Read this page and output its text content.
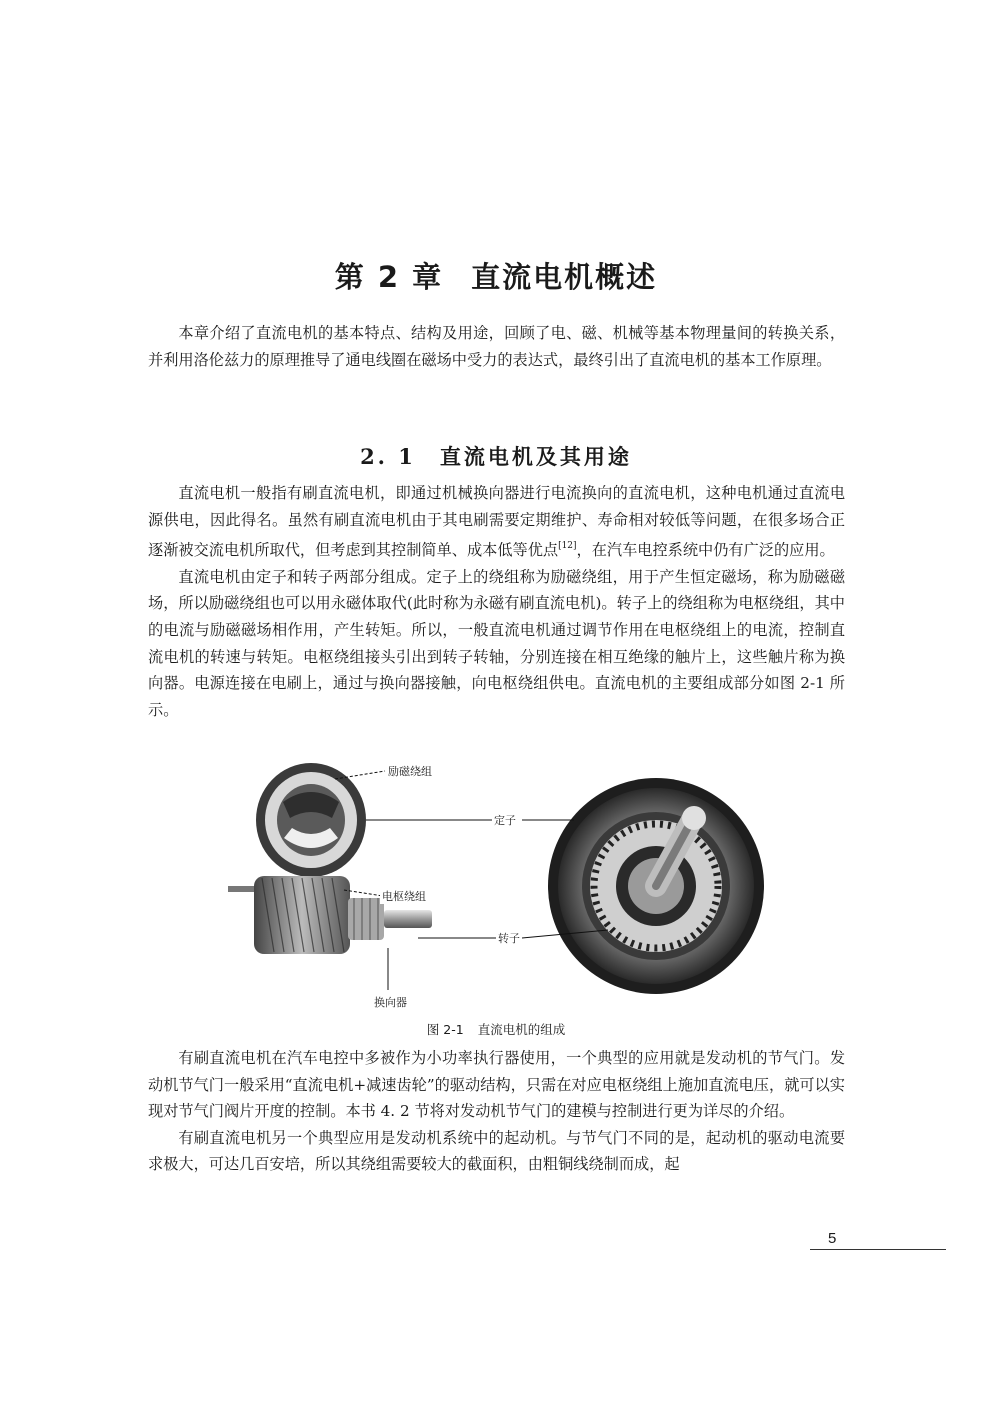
第 2 章 直流电机概述

本章介绍了直流电机的基本特点、结构及用途，回顾了电、磁、机械等基本物理量间的转换关系，并利用洛伦兹力的原理推导了通电线圈在磁场中受力的表达式，最终引出了直流电机的基本工作原理。

2. 1 直流电机及其用途

直流电机一般指有刷直流电机，即通过机械换向器进行电流换向的直流电机，这种电机通过直流电源供电，因此得名。虽然有刷直流电机由于其电刷需要定期维护、寿命相对较低等问题，在很多场合正逐渐被交流电机所取代，但考虑到其控制简单、成本低等优点[12]，在汽车电控系统中仍有广泛的应用。

直流电机由定子和转子两部分组成。定子上的绕组称为励磁绕组，用于产生恒定磁场，称为励磁磁场，所以励磁绕组也可以用永磁体取代(此时称为永磁有刷直流电机)。转子上的绕组称为电枢绕组，其中的电流与励磁磁场相作用，产生转矩。所以，一般直流电机通过调节作用在电枢绕组上的电流，控制直流电机的转速与转矩。电枢绕组接头引出到转子转轴，分别连接在相互绝缘的触片上，这些触片称为换向器。电源连接在电刷上，通过与换向器接触，向电枢绕组供电。直流电机的主要组成部分如图 2-1 所示。

励磁绕组
定子
电枢绕组
转子
换向器
图 2-1 直流电机的组成

有刷直流电机在汽车电控中多被作为小功率执行器使用，一个典型的应用就是发动机的节气门。发动机节气门一般采用“直流电机+减速齿轮”的驱动结构，只需在对应电枢绕组上施加直流电压，就可以实现对节气门阀片开度的控制。本书 4. 2 节将对发动机节气门的建模与控制进行更为详尽的介绍。

有刷直流电机另一个典型应用是发动机系统中的起动机。与节气门不同的是，起动机的驱动电流要求极大，可达几百安培，所以其绕组需要较大的截面积，由粗铜线绕制而成，起

5
